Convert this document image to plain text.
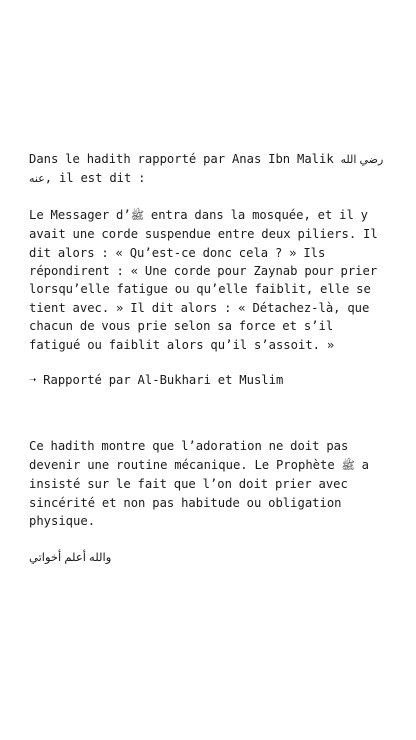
Dans le hadith rapporté par Anas Ibn Malik رضي الله عنه, il est dit :

Le Messager d’ﷺ entra dans la mosquée, et il y avait une corde suspendue entre deux piliers. Il dit alors : « Qu’est-ce donc cela ? » Ils répondirent : « Une corde pour Zaynab pour prier lorsqu’elle fatigue ou qu’elle faiblit, elle se tient avec. » Il dit alors : « Détachez-là, que chacun de vous prie selon sa force et s’il fatigué ou faiblit alors qu’il s’assoit. »

➝ Rapporté par Al-Bukhari et Muslim

Ce hadith montre que l’adoration ne doit pas devenir une routine mécanique. Le Prophète ﷺ a insisté sur le fait que l’on doit prier avec sincérité et non pas habitude ou obligation physique.

والله أعلم أخواتي
